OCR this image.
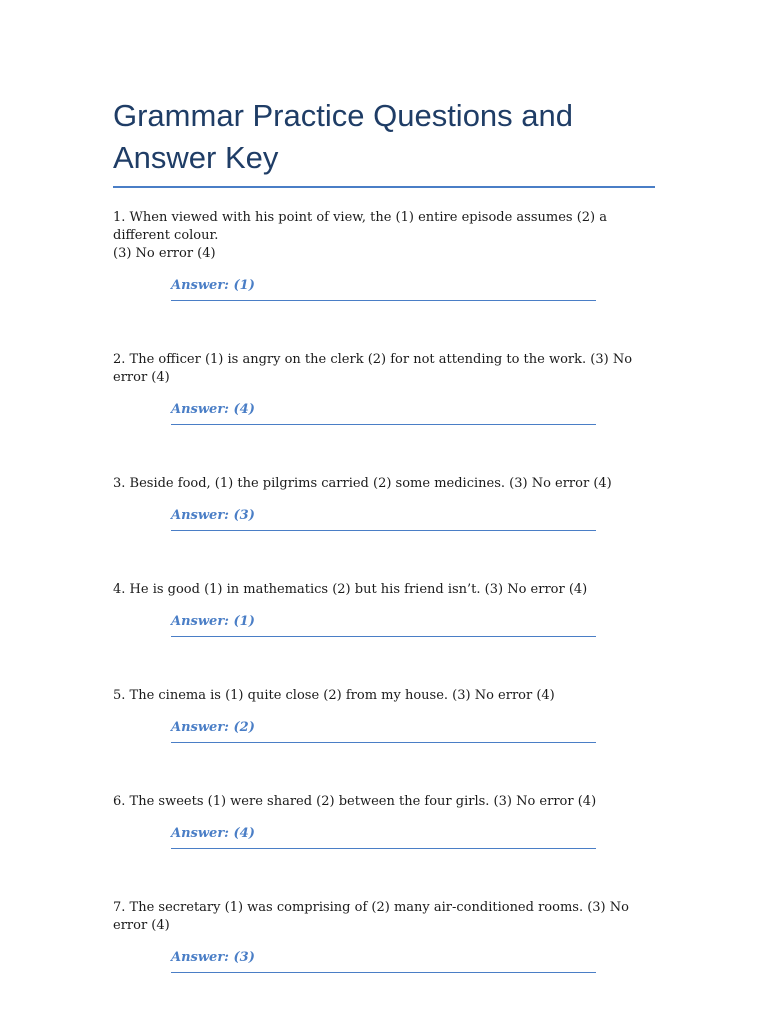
Grammar Practice Questions and
Answer Key

1. When viewed with his point of view, the (1) entire episode assumes (2) a different colour.
(3) No error (4)

Answer: (1)

2. The officer (1) is angry on the clerk (2) for not attending to the work. (3) No error (4)

Answer: (4)

3. Beside food, (1) the pilgrims carried (2) some medicines. (3) No error (4)

Answer: (3)

4. He is good (1) in mathematics (2) but his friend isn’t. (3) No error (4)

Answer: (1)

5. The cinema is (1) quite close (2) from my house. (3) No error (4)

Answer: (2)

6. The sweets (1) were shared (2) between the four girls. (3) No error (4)

Answer: (4)

7. The secretary (1) was comprising of (2) many air-conditioned rooms. (3) No error (4)

Answer: (3)
